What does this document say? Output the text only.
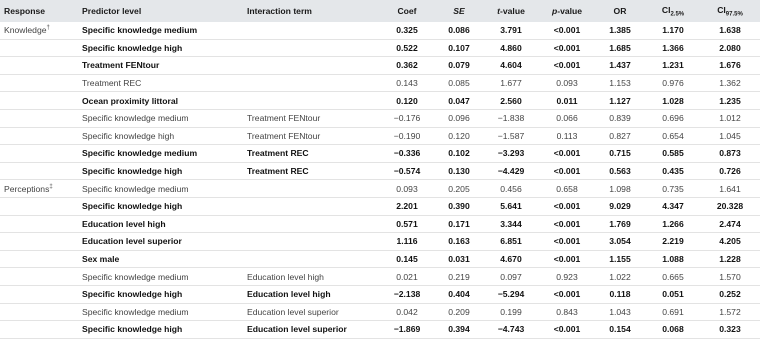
Response	Predictor level	Interaction term	Coef	SE	t-value	p-value	OR	$CI_{2.5\%}$	$CI_{97.5\%}$
Knowledge†	Specific knowledge medium		0.325	0.086	3.791	<0.001	1.385	1.170	1.638
	Specific knowledge high		0.522	0.107	4.860	<0.001	1.685	1.366	2.080
	Treatment FENtour		0.362	0.079	4.604	<0.001	1.437	1.231	1.676
	Treatment REC		0.143	0.085	1.677	0.093	1.153	0.976	1.362
	Ocean proximity littoral		0.120	0.047	2.560	0.011	1.127	1.028	1.235
	Specific knowledge medium	Treatment FENtour	−0.176	0.096	−1.838	0.066	0.839	0.696	1.012
	Specific knowledge high	Treatment FENtour	−0.190	0.120	−1.587	0.113	0.827	0.654	1.045
	Specific knowledge medium	Treatment REC	−0.336	0.102	−3.293	<0.001	0.715	0.585	0.873
	Specific knowledge high	Treatment REC	−0.574	0.130	−4.429	<0.001	0.563	0.435	0.726
Perceptions‡	Specific knowledge medium		0.093	0.205	0.456	0.658	1.098	0.735	1.641
	Specific knowledge high		2.201	0.390	5.641	<0.001	9.029	4.347	20.328
	Education level high		0.571	0.171	3.344	<0.001	1.769	1.266	2.474
	Education level superior		1.116	0.163	6.851	<0.001	3.054	2.219	4.205
	Sex male		0.145	0.031	4.670	<0.001	1.155	1.088	1.228
	Specific knowledge medium	Education level high	0.021	0.219	0.097	0.923	1.022	0.665	1.570
	Specific knowledge high	Education level high	−2.138	0.404	−5.294	<0.001	0.118	0.051	0.252
	Specific knowledge medium	Education level superior	0.042	0.209	0.199	0.843	1.043	0.691	1.572
	Specific knowledge high	Education level superior	−1.869	0.394	−4.743	<0.001	0.154	0.068	0.323
